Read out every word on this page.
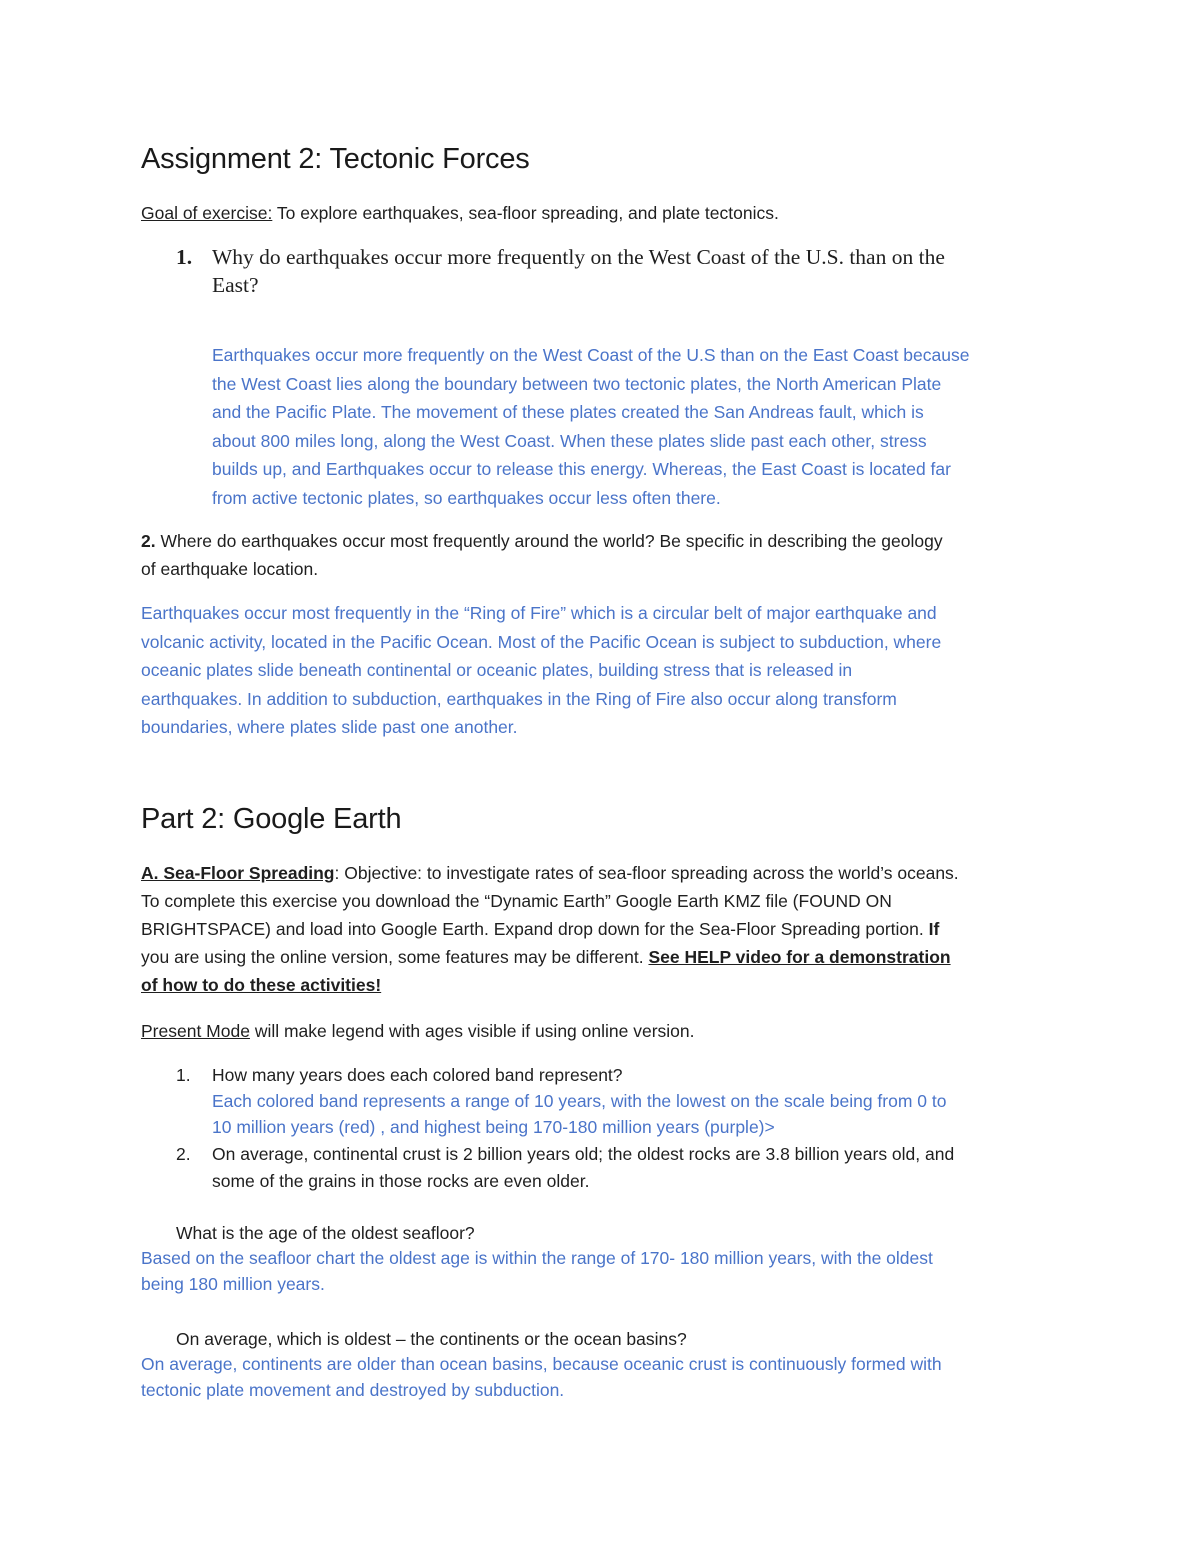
Assignment 2: Tectonic Forces
Goal of exercise: To explore earthquakes, sea-floor spreading, and plate tectonics.
1. Why do earthquakes occur more frequently on the West Coast of the U.S. than on the
East?
Earthquakes occur more frequently on the West Coast of the U.S than on the East Coast because
the West Coast lies along the boundary between two tectonic plates, the North American Plate
and the Pacific Plate. The movement of these plates created the San Andreas fault, which is
about 800 miles long, along the West Coast. When these plates slide past each other, stress
builds up, and Earthquakes occur to release this energy. Whereas, the East Coast is located far
from active tectonic plates, so earthquakes occur less often there.
2. Where do earthquakes occur most frequently around the world? Be specific in describing the geology
of earthquake location.
Earthquakes occur most frequently in the “Ring of Fire” which is a circular belt of major earthquake and
volcanic activity, located in the Pacific Ocean. Most of the Pacific Ocean is subject to subduction, where
oceanic plates slide beneath continental or oceanic plates, building stress that is released in
earthquakes. In addition to subduction, earthquakes in the Ring of Fire also occur along transform
boundaries, where plates slide past one another.
Part 2: Google Earth
A. Sea-Floor Spreading: Objective: to investigate rates of sea-floor spreading across the world’s oceans.
To complete this exercise you download the “Dynamic Earth” Google Earth KMZ file (FOUND ON
BRIGHTSPACE) and load into Google Earth. Expand drop down for the Sea-Floor Spreading portion. If
you are using the online version, some features may be different. See HELP video for a demonstration
of how to do these activities!
Present Mode will make legend with ages visible if using online version.
1.	How many years does each colored band represent?
Each colored band represents a range of 10 years, with the lowest on the scale being from 0 to
10 million years (red) , and highest being 170-180 million years (purple)>
2.	On average, continental crust is 2 billion years old; the oldest rocks are 3.8 billion years old, and
some of the grains in those rocks are even older.
What is the age of the oldest seafloor?
Based on the seafloor chart the oldest age is within the range of 170- 180 million years, with the oldest
being 180 million years.
On average, which is oldest – the continents or the ocean basins?
On average, continents are older than ocean basins, because oceanic crust is continuously formed with
tectonic plate movement and destroyed by subduction.
